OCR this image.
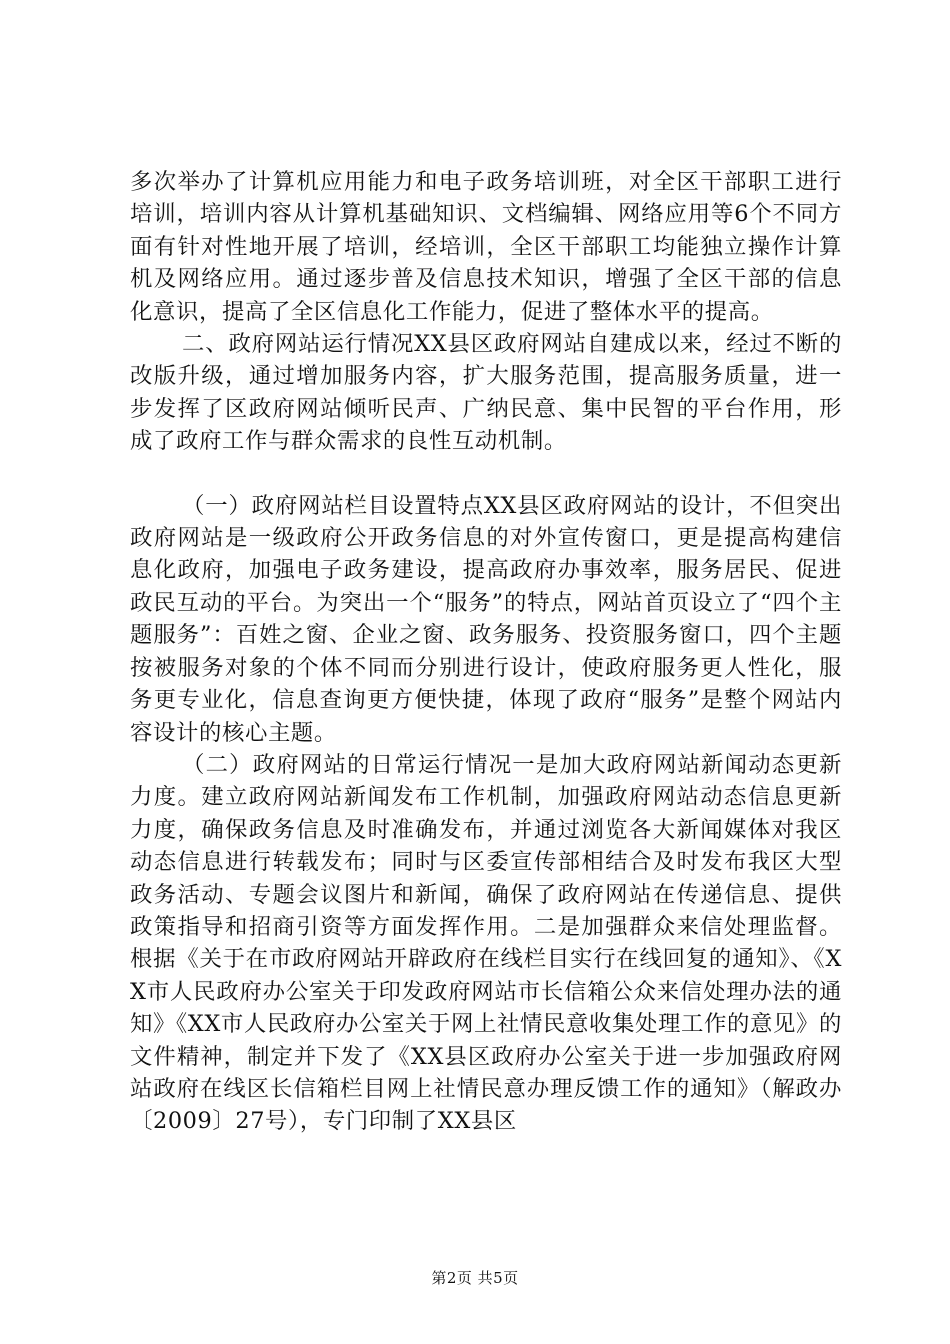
多次举办了计算机应用能力和电子政务培训班，对全区干部职工进行培训，培训内容从计算机基础知识、文档编辑、网络应用等6个不同方面有针对性地开展了培训，经培训，全区干部职工均能独立操作计算机及网络应用。通过逐步普及信息技术知识，增强了全区干部的信息化意识，提高了全区信息化工作能力，促进了整体水平的提高。

二、政府网站运行情况XX县区政府网站自建成以来，经过不断的改版升级，通过增加服务内容，扩大服务范围，提高服务质量，进一步发挥了区政府网站倾听民声、广纳民意、集中民智的平台作用，形成了政府工作与群众需求的良性互动机制。

（一）政府网站栏目设置特点XX县区政府网站的设计，不但突出政府网站是一级政府公开政务信息的对外宣传窗口，更是提高构建信息化政府，加强电子政务建设，提高政府办事效率，服务居民、促进政民互动的平台。为突出一个“服务”的特点，网站首页设立了“四个主题服务”：百姓之窗、企业之窗、政务服务、投资服务窗口，四个主题按被服务对象的个体不同而分别进行设计，使政府服务更人性化，服务更专业化，信息查询更方便快捷，体现了政府“服务”是整个网站内容设计的核心主题。

（二）政府网站的日常运行情况一是加大政府网站新闻动态更新力度。建立政府网站新闻发布工作机制，加强政府网站动态信息更新力度，确保政务信息及时准确发布，并通过浏览各大新闻媒体对我区动态信息进行转载发布；同时与区委宣传部相结合及时发布我区大型政务活动、专题会议图片和新闻，确保了政府网站在传递信息、提供政策指导和招商引资等方面发挥作用。二是加强群众来信处理监督。根据《关于在市政府网站开辟政府在线栏目实行在线回复的通知》、《XX市人民政府办公室关于印发政府网站市长信箱公众来信处理办法的通知》《XX市人民政府办公室关于网上社情民意收集处理工作的意见》的文件精神，制定并下发了《XX县区政府办公室关于进一步加强政府网站政府在线区长信箱栏目网上社情民意办理反馈工作的通知》（解政办〔2009〕27号），专门印制了XX县区

第2页 共5页
